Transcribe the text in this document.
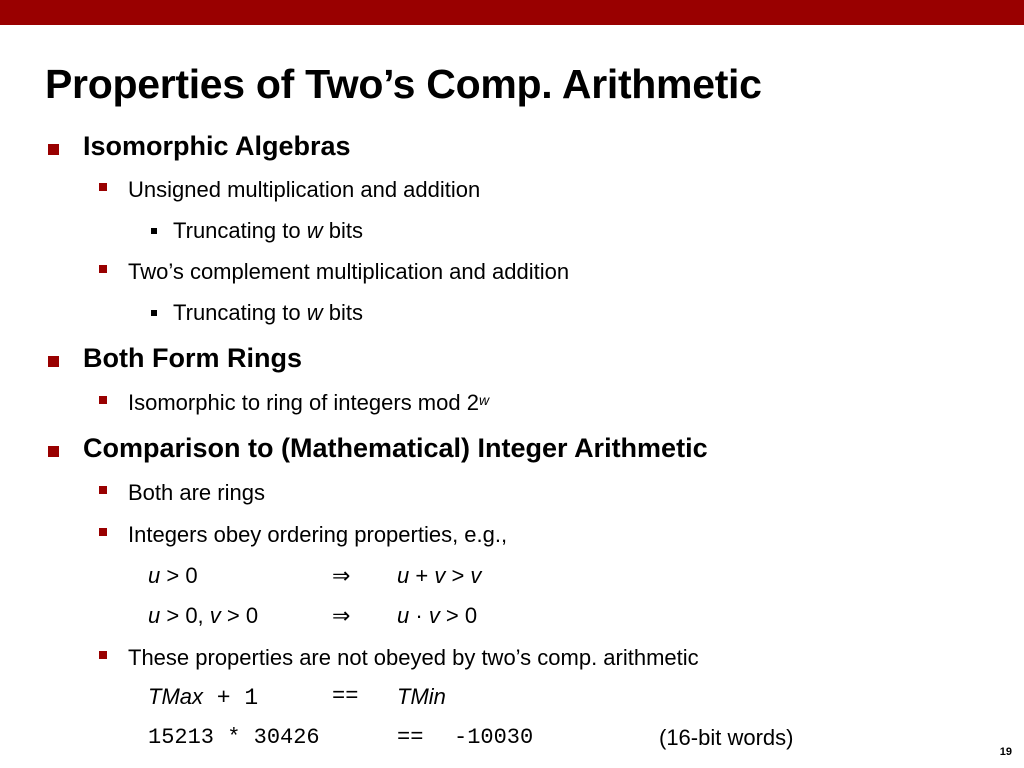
Properties of Two’s Comp. Arithmetic
Isomorphic Algebras
Unsigned multiplication and addition
Truncating to w bits
Two’s complement multiplication and addition
Truncating to w bits
Both Form Rings
Isomorphic to ring of integers mod 2$^w$
Comparison to (Mathematical) Integer Arithmetic
Both are rings
Integers obey ordering properties, e.g.,
u > 0	⇒ u + v > v
u > 0, v > 0	⇒ u · v > 0
These properties are not obeyed by two’s comp. arithmetic
TMax + 1	== TMin
15213 * 30426	== -10030	(16-bit words)
19
